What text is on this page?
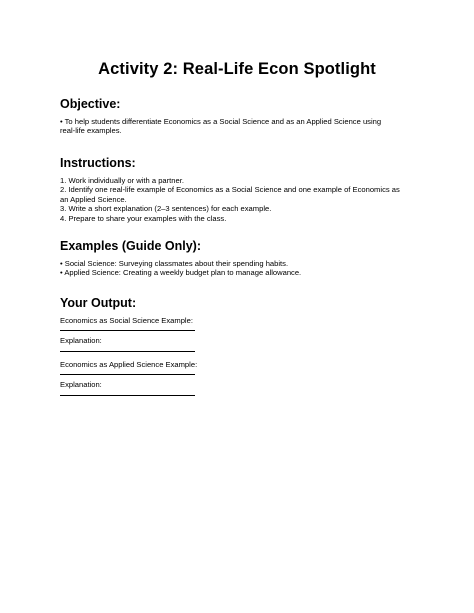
Activity 2: Real-Life Econ Spotlight
Objective:
• To help students differentiate Economics as a Social Science and as an Applied Science using
real-life examples.
Instructions:
1. Work individually or with a partner.
2. Identify one real-life example of Economics as a Social Science and one example of Economics as
an Applied Science.
3. Write a short explanation (2–3 sentences) for each example.
4. Prepare to share your examples with the class.
Examples (Guide Only):
• Social Science: Surveying classmates about their spending habits.
• Applied Science: Creating a weekly budget plan to manage allowance.
Your Output:
Economics as Social Science Example:
Explanation:
Economics as Applied Science Example:
Explanation:
